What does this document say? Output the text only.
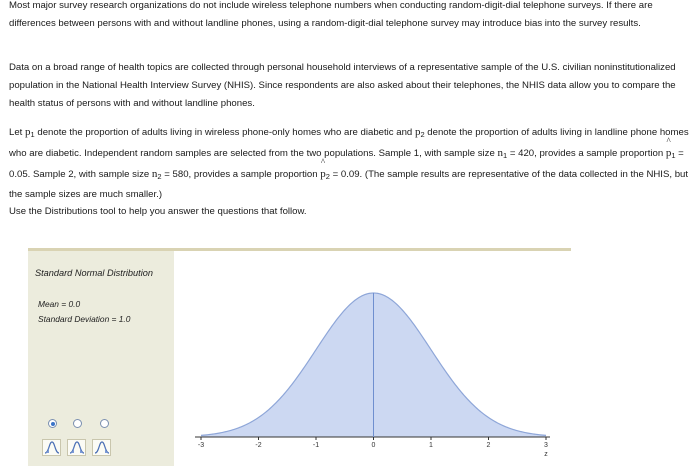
Most major survey research organizations do not include wireless telephone numbers when conducting random-digit-dial telephone surveys. If there are differences between persons with and without landline phones, using a random-digit-dial telephone survey may introduce bias into the survey results.

Data on a broad range of health topics are collected through personal household interviews of a representative sample of the U.S. civilian noninstitutionalized population in the National Health Interview Survey (NHIS). Since respondents are also asked about their telephones, the NHIS data allow you to compare the health status of persons with and without landline phones.

Let $p_1$ denote the proportion of adults living in wireless phone-only homes who are diabetic and $p_2$ denote the proportion of adults living in landline phone homes who are diabetic. Independent random samples are selected from the two populations. Sample 1, with sample size $n_1 = 420$, provides a sample proportion ^ $p_1 = 0.05$. Sample 2, with sample size $n_2 = 580$, provides a sample proportion ^ $p_2 = 0.09$. (The sample results are representative of the data collected in the NHIS, but the sample sizes are much smaller.)

Use the Distributions tool to help you answer the questions that follow.

Standard Normal Distribution
Mean = 0.0
Standard Deviation = 1.0
-3	-2	-1	0	1	2	3
z
